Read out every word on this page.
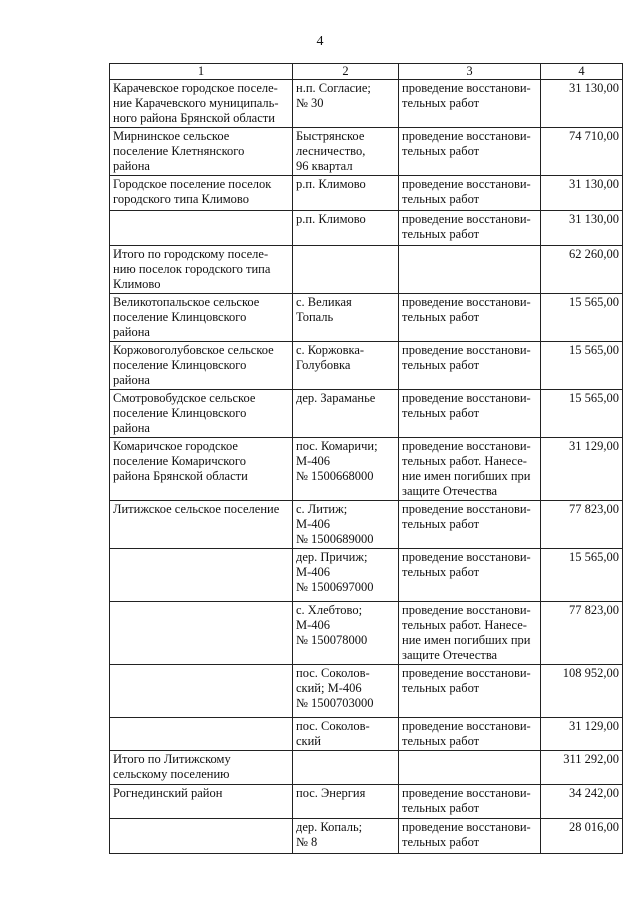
4
1	2	3	4
Карачевское городское поселе-
ние Карачевского муниципаль-
ного района Брянской области	н.п. Согласие;
№ 30	проведение восстанови-
тельных работ	31 130,00
Мирнинское сельское
поселение Клетнянского
района	Быстрянское
лесничество,
96 квартал	проведение восстанови-
тельных работ	74 710,00
Городское поселение поселок
городского типа Климово	р.п. Климово	проведение восстанови-
тельных работ	31 130,00
	р.п. Климово	проведение восстанови-
тельных работ	31 130,00
Итого по городскому поселе-
нию поселок городского типа
Климово			62 260,00
Великотопальское сельское
поселение Клинцовского
района	с. Великая
Топаль	проведение восстанови-
тельных работ	15 565,00
Коржовоголубовское сельское
поселение Клинцовского
района	с. Коржовка-
Голубовка	проведение восстанови-
тельных работ	15 565,00
Смотровобудское сельское
поселение Клинцовского
района	дер. Зараманье	проведение восстанови-
тельных работ	15 565,00
Комаричское городское
поселение Комаричского
района Брянской области	пос. Комаричи;
М-406
№ 1500668000	проведение восстанови-
тельных работ. Нанесе-
ние имен погибших при
защите Отечества	31 129,00
Литижское сельское поселение	с. Литиж;
М-406
№ 1500689000	проведение восстанови-
тельных работ	77 823,00
	дер. Причиж;
М-406
№ 1500697000	проведение восстанови-
тельных работ	15 565,00
	с. Хлебтово;
М-406
№ 150078000	проведение восстанови-
тельных работ. Нанесе-
ние имен погибших при
защите Отечества	77 823,00
	пос. Соколов-
ский; М-406
№ 1500703000	проведение восстанови-
тельных работ	108 952,00
	пос. Соколов-
ский	проведение восстанови-
тельных работ	31 129,00
Итого по Литижскому
сельскому поселению			311 292,00
Рогнединский район	пос. Энергия	проведение восстанови-
тельных работ	34 242,00
	дер. Копаль;
№ 8	проведение восстанови-
тельных работ	28 016,00
